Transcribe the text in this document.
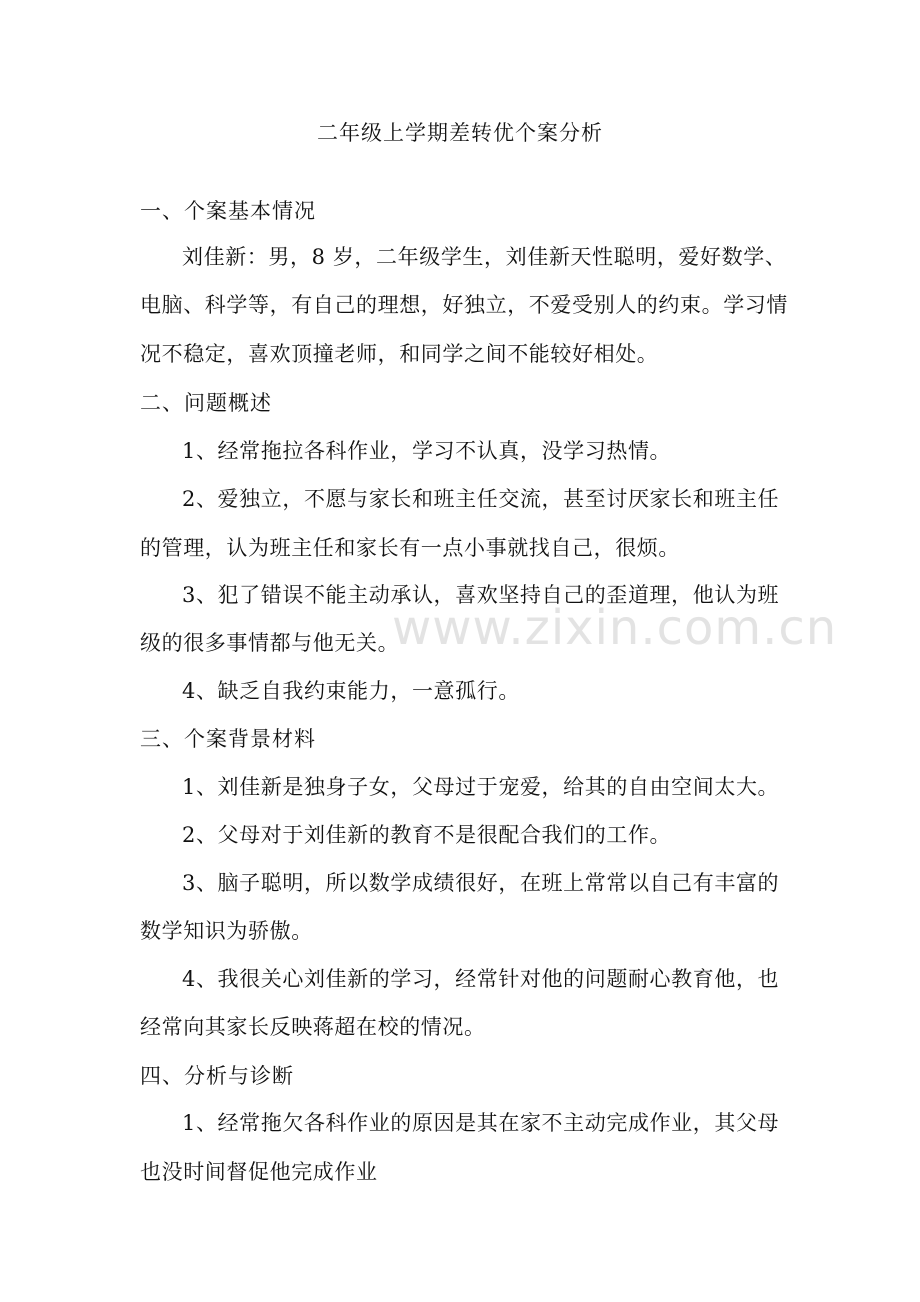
www.zixin.com.cn
二年级上学期差转优个案分析
一、个案基本情况
刘佳新：男，8 岁，二年级学生，刘佳新天性聪明，爱好数学、
电脑、科学等，有自己的理想，好独立，不爱受别人的约束。学习情
况不稳定，喜欢顶撞老师，和同学之间不能较好相处。
二、问题概述
1、经常拖拉各科作业，学习不认真，没学习热情。
2、爱独立，不愿与家长和班主任交流，甚至讨厌家长和班主任
的管理，认为班主任和家长有一点小事就找自己，很烦。
3、犯了错误不能主动承认，喜欢坚持自己的歪道理，他认为班
级的很多事情都与他无关。
4、缺乏自我约束能力，一意孤行。
三、个案背景材料
1、刘佳新是独身子女，父母过于宠爱，给其的自由空间太大。
2、父母对于刘佳新的教育不是很配合我们的工作。
3、脑子聪明，所以数学成绩很好，在班上常常以自己有丰富的
数学知识为骄傲。
4、我很关心刘佳新的学习，经常针对他的问题耐心教育他，也
经常向其家长反映蒋超在校的情况。
四、分析与诊断
1、经常拖欠各科作业的原因是其在家不主动完成作业，其父母
也没时间督促他完成作业
